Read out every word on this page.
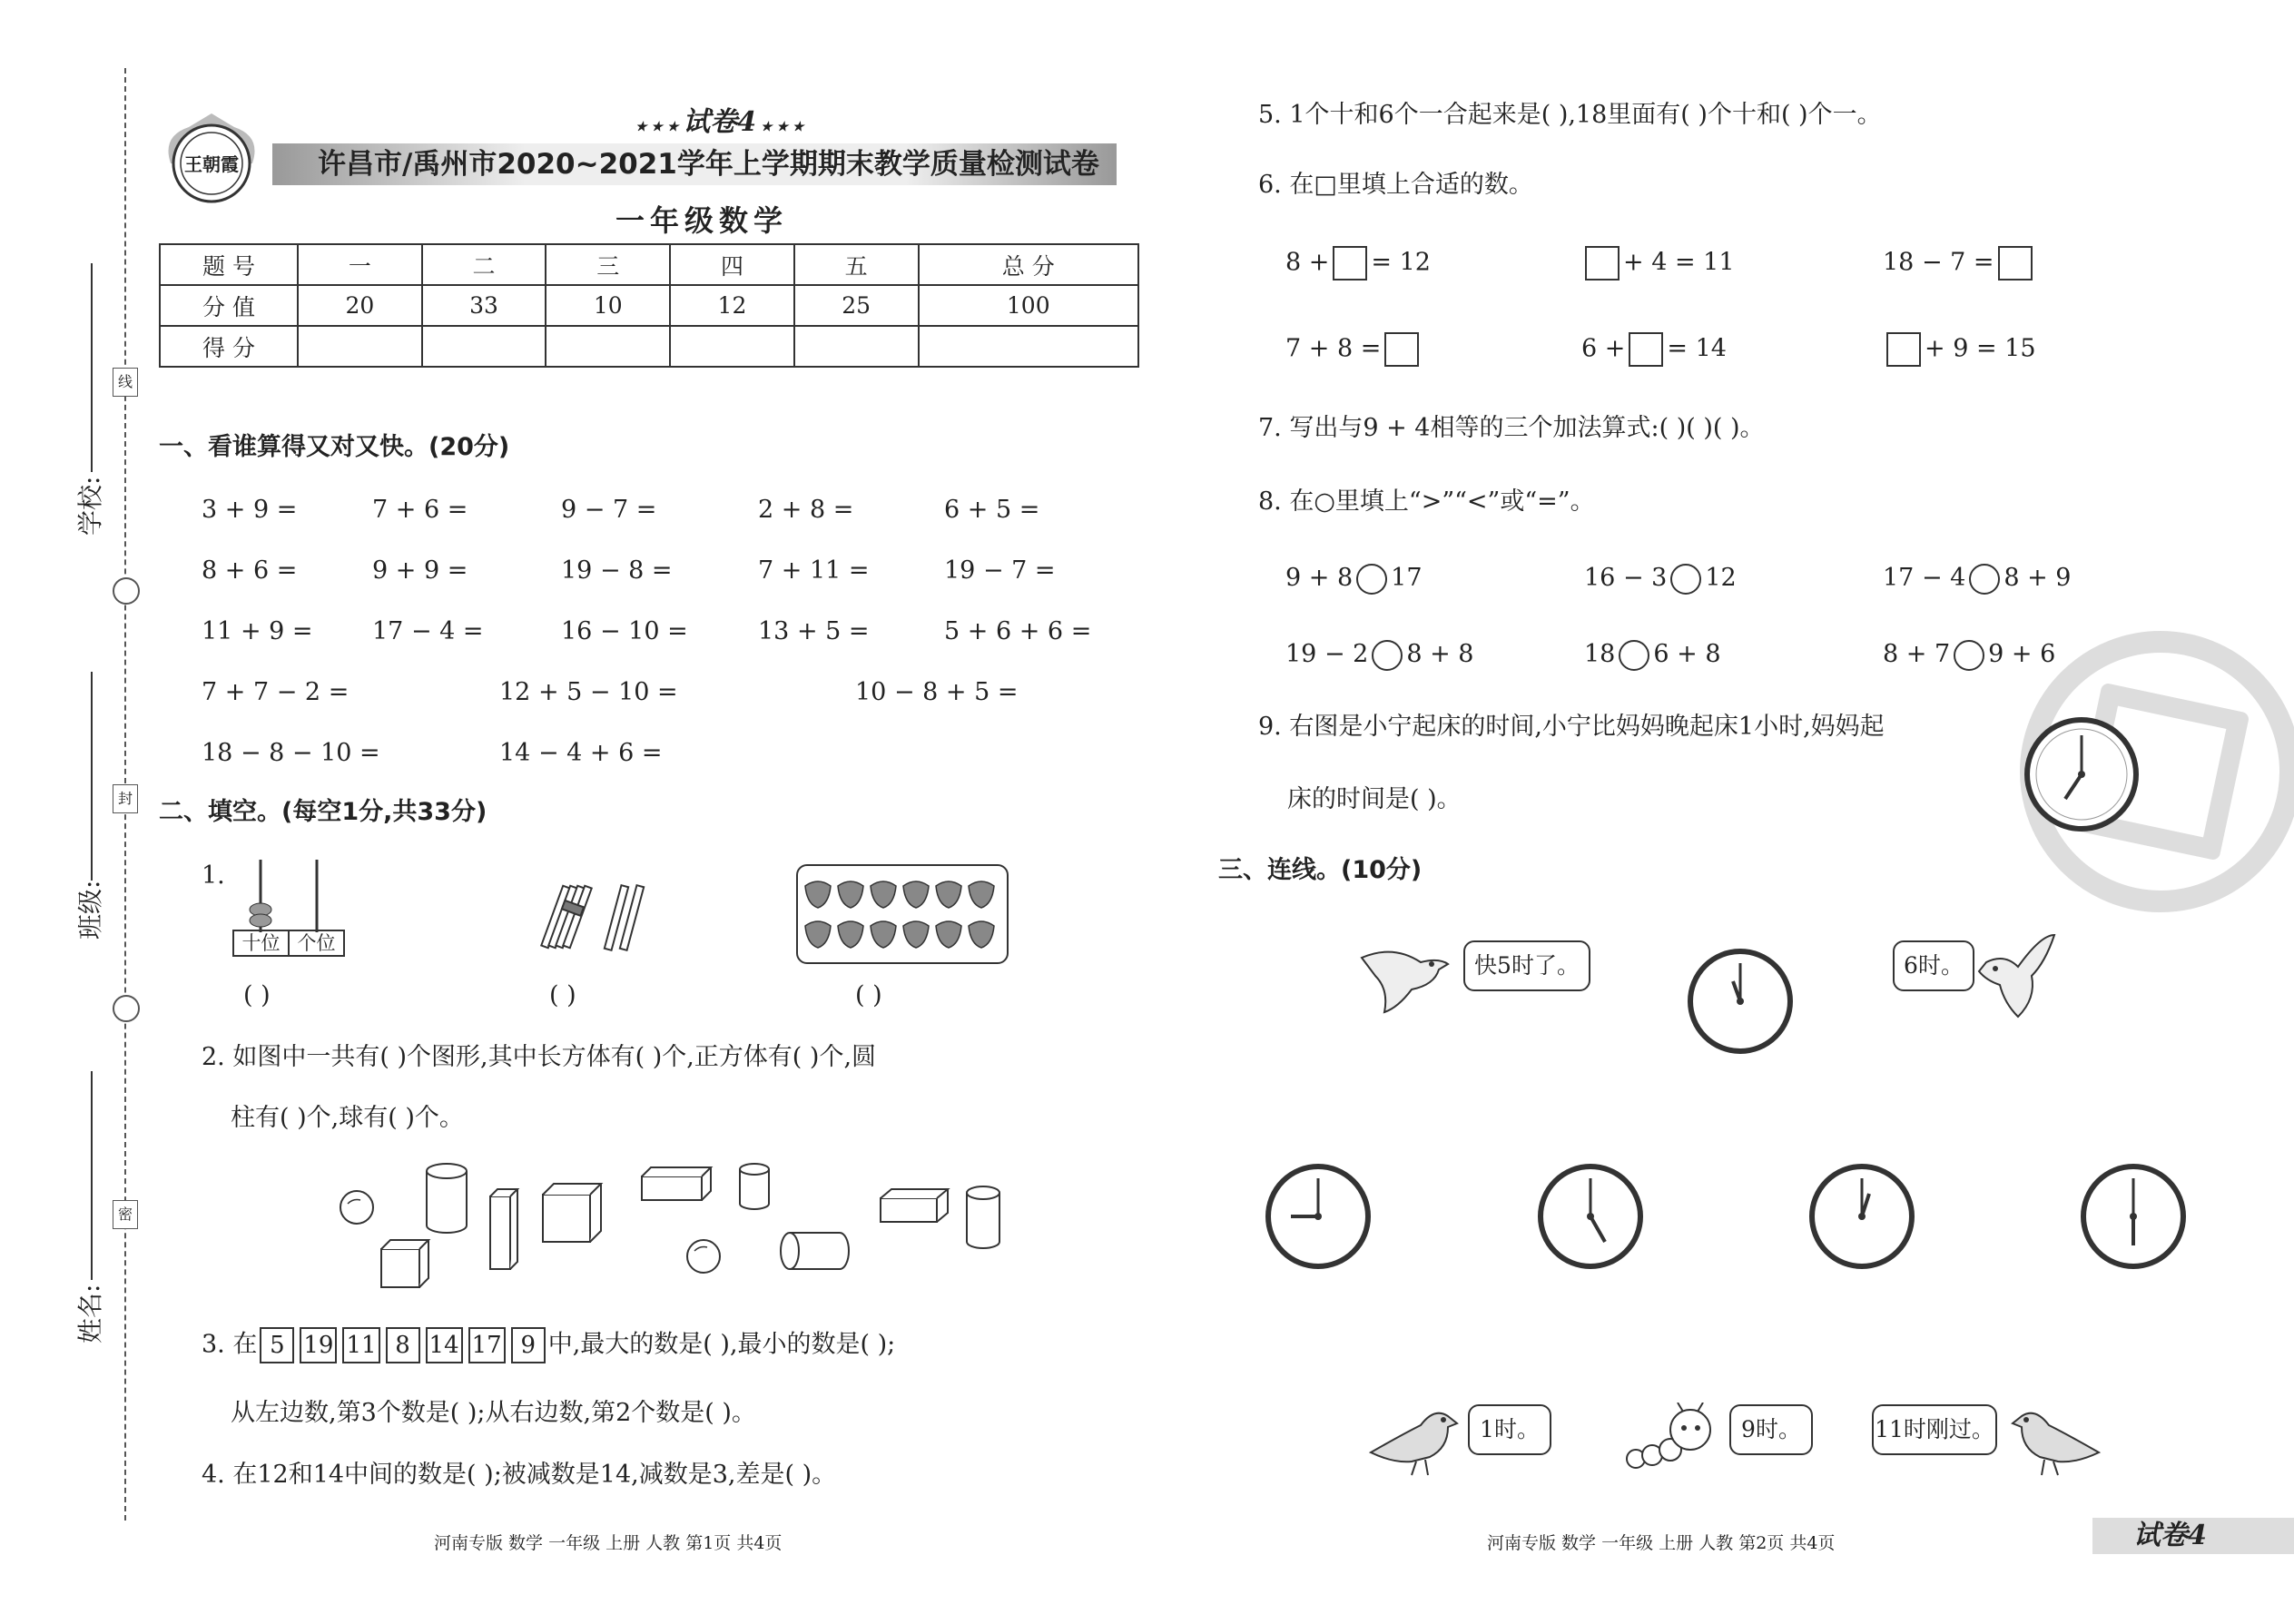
学校:
班级:
姓名:
线
封
密
王朝霞
★ ★ ★ 试卷4 ★ ★ ★
许昌市/禹州市2020~2021学年上学期期末教学质量检测试卷
一年级数学
题 号	一	二	三	四	五	总 分
分 值	20	33	10	12	25	100
得 分						
一、看谁算得又对又快。(20分)
3 + 9 =	7 + 6 =	9 − 7 =	2 + 8 =	6 + 5 =
8 + 6 =	9 + 9 =	19 − 8 =	7 + 11 =	19 − 7 =
11 + 9 = 17 − 4 =	16 − 10 =	13 + 5 =	5 + 6 + 6 =
7 + 7 − 2 =	12 + 5 − 10 =	10 − 8 + 5 =
18 − 8 − 10 =	14 − 4 + 6 =
二、填空。(每空1分,共33分)
1.
十位 个位
( )	( )	( )
2. 如图中一共有( )个图形,其中长方体有( )个,正方体有( )个,圆
柱有( )个,球有( )个。
3. 在 5 19 11 8 14 17 9 中,最大的数是( ),最小的数是( );
从左边数,第3个数是( );从右边数,第2个数是( )。
4. 在12和14中间的数是( );被减数是14,减数是3,差是( )。
河南专版 数学 一年级 上册 人教 第1页 共4页
5. 1个十和6个一合起来是( ),18里面有( )个十和( )个一。
6. 在□里填上合适的数。
8 + = 12	+ 4 = 11	18 − 7 =
7 + 8 =	6 + = 14	+ 9 = 15
7. 写出与9 + 4相等的三个加法算式:( )( )( )。
8. 在○里填上“>”“<”或“=”。
9 + 8 17	16 − 3 12	17 − 4 8 + 9
19 − 2 8 + 8	18 6 + 8	8 + 7 9 + 6
9. 右图是小宁起床的时间,小宁比妈妈晚起床1小时,妈妈起
床的时间是( )。
三、连线。(10分)
快5时了。	6时。
1时。	9时。	11时刚过。
河南专版 数学 一年级 上册 人教 第2页 共4页	试卷4
